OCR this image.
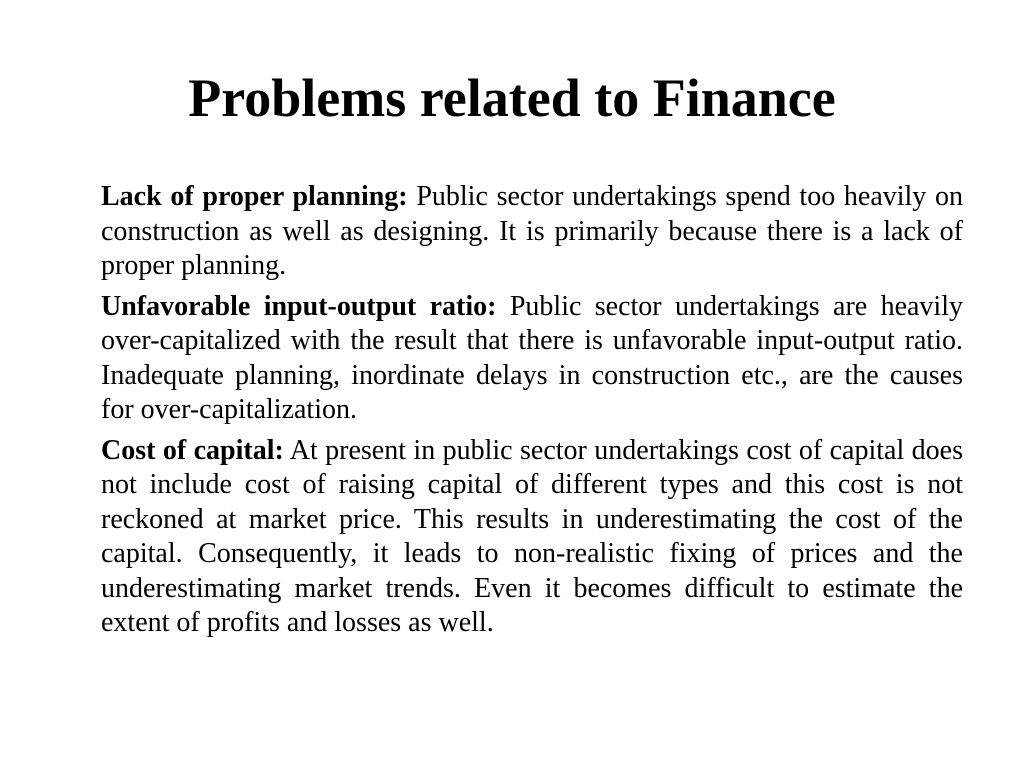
Problems related to Finance

Lack of proper planning: Public sector undertakings spend too heavily on construction as well as designing. It is primarily because there is a lack of proper planning.

Unfavorable input-output ratio: Public sector undertakings are heavily over-capitalized with the result that there is unfavorable input-output ratio. Inadequate planning, inordinate delays in construction etc., are the causes for over-capitalization.

Cost of capital: At present in public sector undertakings cost of capital does not include cost of raising capital of different types and this cost is not reckoned at market price. This results in underestimating the cost of the capital. Consequently, it leads to non-realistic fixing of prices and the underestimating market trends. Even it becomes difficult to estimate the extent of profits and losses as well.
